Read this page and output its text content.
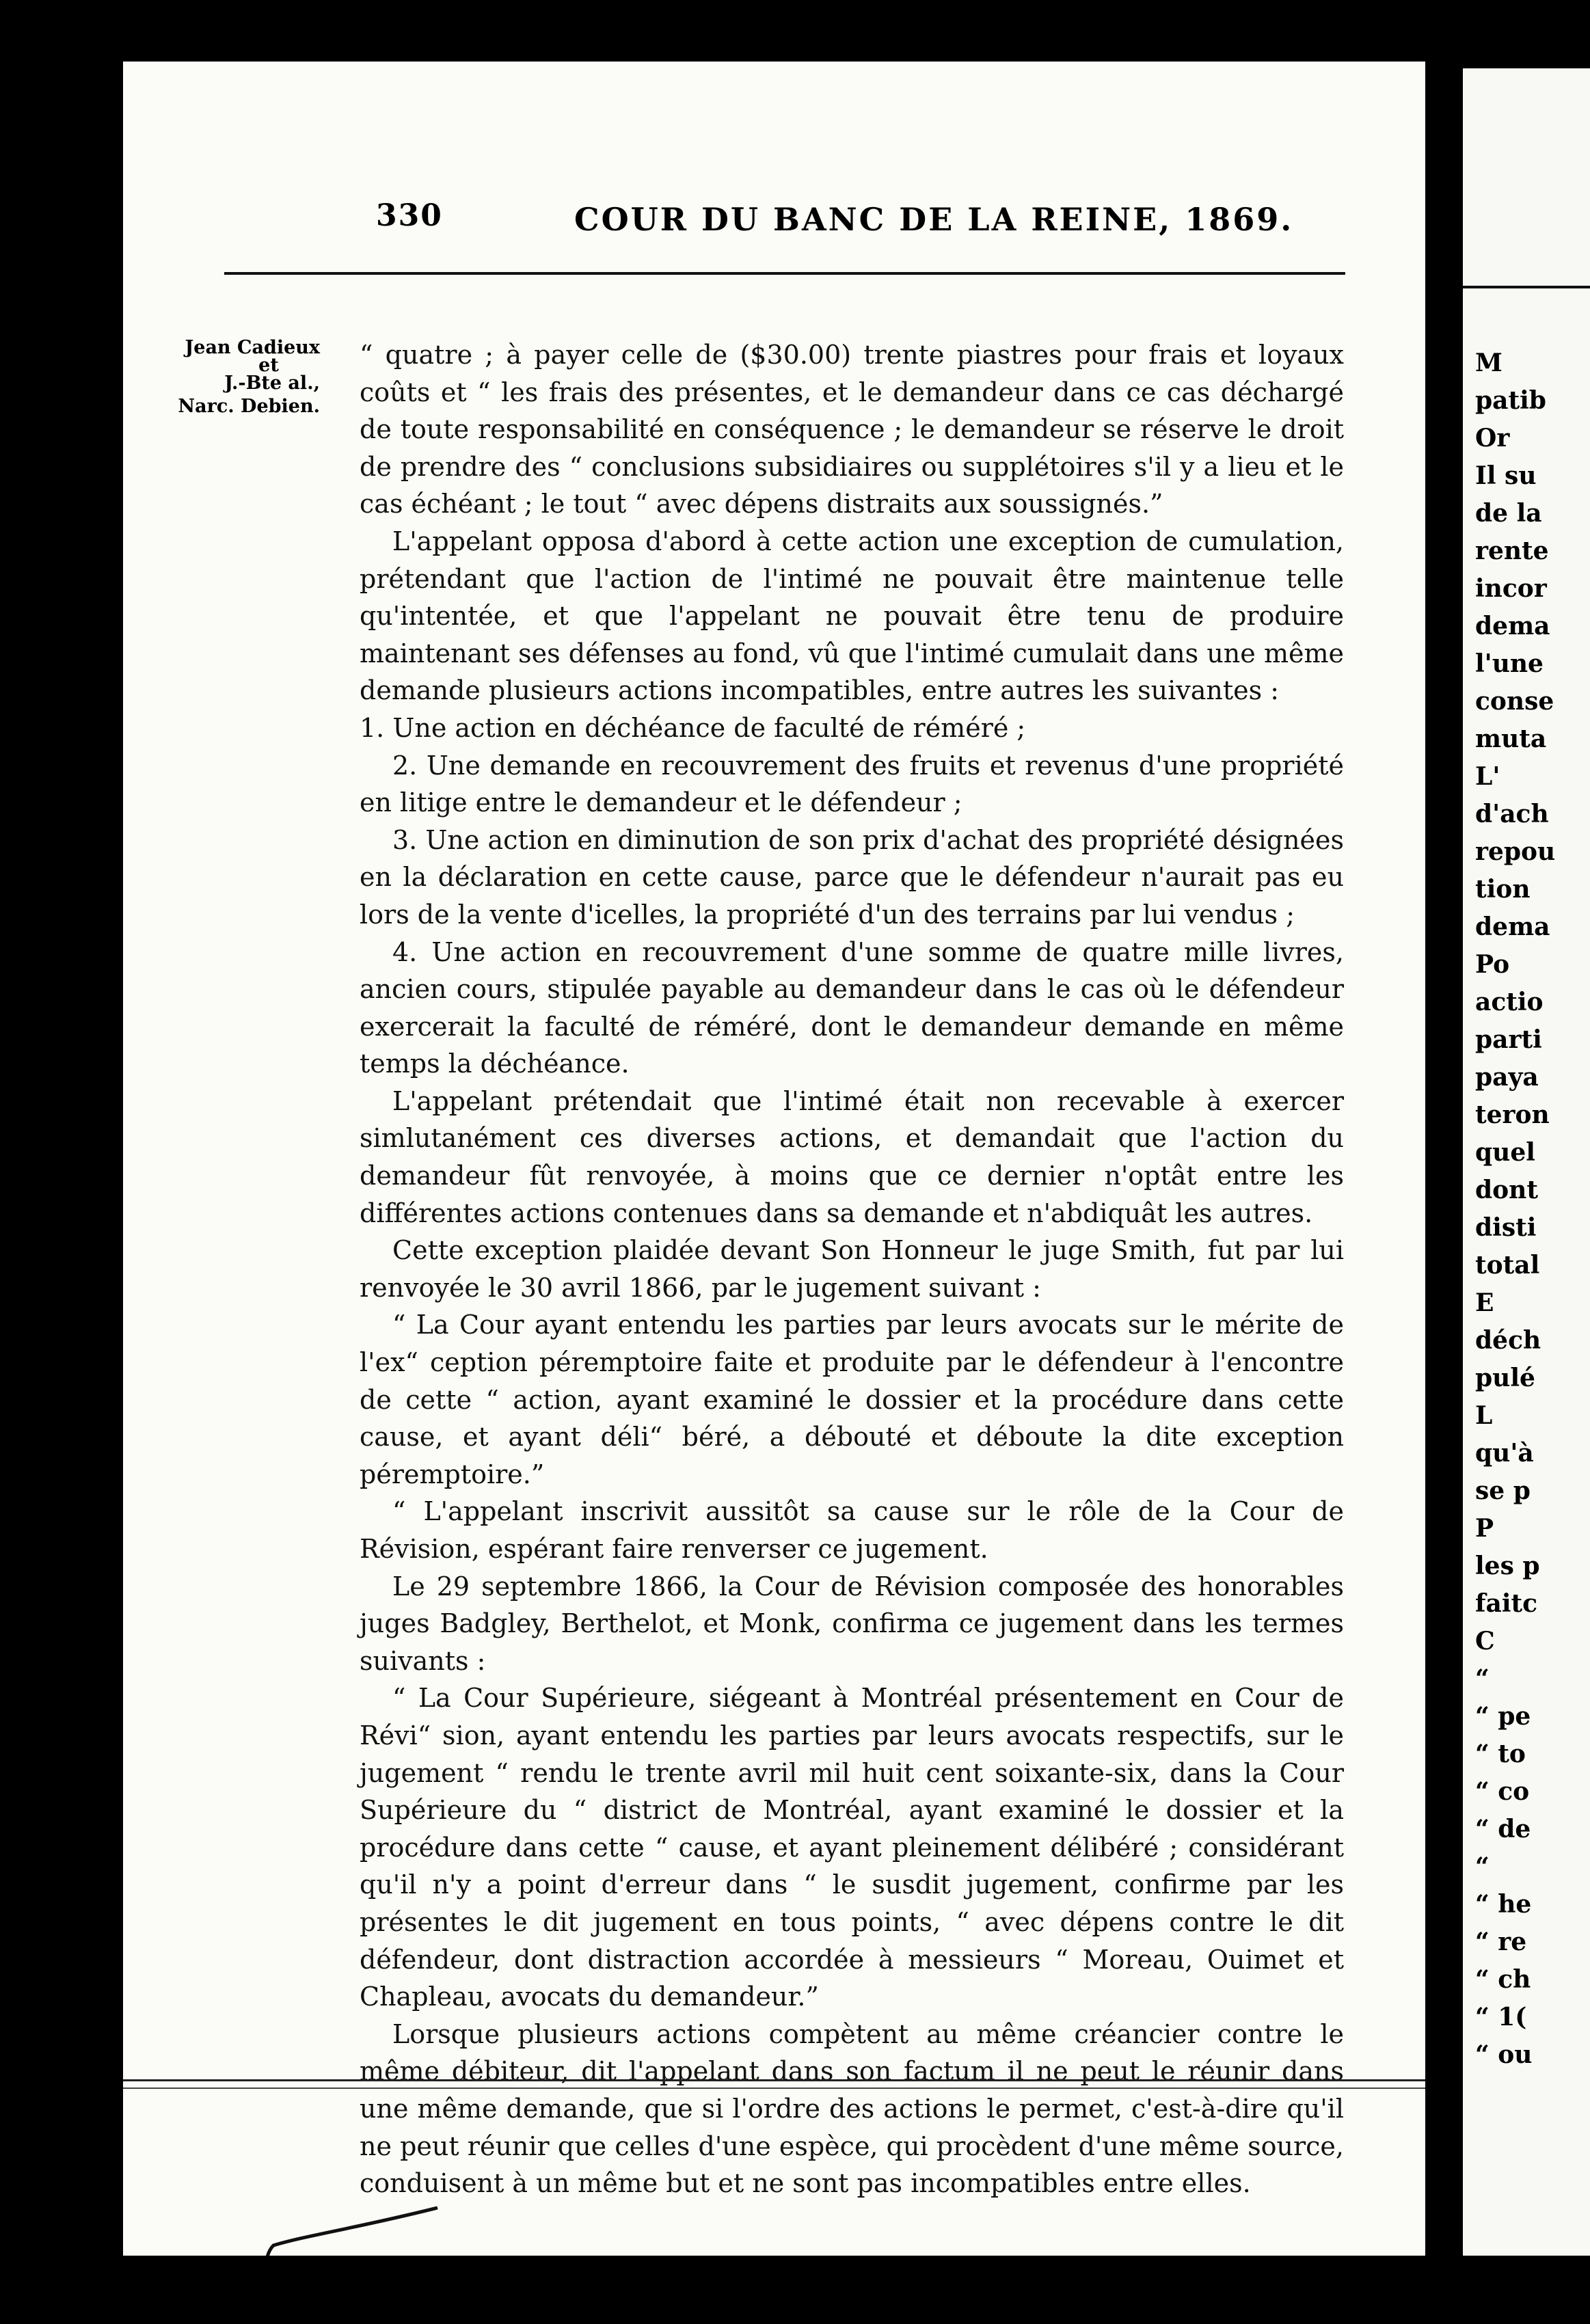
330	COUR DU BANC DE LA REINE, 1869.
Jean Cadieux
et
J.-Bte al.,
Narc. Debien.

“ quatre ; à payer celle de ($30.00) trente piastres pour frais et loyaux coûts et “ les frais des présentes, et le demandeur dans ce cas déchargé de toute responsabilité en conséquence ; le demandeur se réserve le droit de prendre des “ conclusions subsidiaires ou supplétoires s'il y a lieu et le cas échéant ; le tout “ avec dépens distraits aux soussignés.”

L'appelant opposa d'abord à cette action une exception de cumulation, prétendant que l'action de l'intimé ne pouvait être maintenue telle qu'intentée, et que l'appelant ne pouvait être tenu de produire maintenant ses défenses au fond, vû que l'intimé cumulait dans une même demande plusieurs actions incompatibles, entre autres les suivantes :

1. Une action en déchéance de faculté de réméré ;

2. Une demande en recouvrement des fruits et revenus d'une propriété en litige entre le demandeur et le défendeur ;

3. Une action en diminution de son prix d'achat des propriété désignées en la déclaration en cette cause, parce que le défendeur n'aurait pas eu lors de la vente d'icelles, la propriété d'un des terrains par lui vendus ;

4. Une action en recouvrement d'une somme de quatre mille livres, ancien cours, stipulée payable au demandeur dans le cas où le défendeur exercerait la faculté de réméré, dont le demandeur demande en même temps la déchéance.

L'appelant prétendait que l'intimé était non recevable à exercer simlutanément ces diverses actions, et demandait que l'action du demandeur fût renvoyée, à moins que ce dernier n'optât entre les différentes actions contenues dans sa demande et n'abdiquât les autres.

Cette exception plaidée devant Son Honneur le juge Smith, fut par lui renvoyée le 30 avril 1866, par le jugement suivant :

“ La Cour ayant entendu les parties par leurs avocats sur le mérite de l'ex“ ception péremptoire faite et produite par le défendeur à l'encontre de cette “ action, ayant examiné le dossier et la procédure dans cette cause, et ayant déli“ béré, a débouté et déboute la dite exception péremptoire.”

“ L'appelant inscrivit aussitôt sa cause sur le rôle de la Cour de Révision, espérant faire renverser ce jugement.

Le 29 septembre 1866, la Cour de Révision composée des honorables juges Badgley, Berthelot, et Monk, confirma ce jugement dans les termes suivants :

“ La Cour Supérieure, siégeant à Montréal présentement en Cour de Révi“ sion, ayant entendu les parties par leurs avocats respectifs, sur le jugement “ rendu le trente avril mil huit cent soixante-six, dans la Cour Supérieure du “ district de Montréal, ayant examiné le dossier et la procédure dans cette “ cause, et ayant pleinement délibéré ; considérant qu'il n'y a point d'erreur dans “ le susdit jugement, confirme par les présentes le dit jugement en tous points, “ avec dépens contre le dit défendeur, dont distraction accordée à messieurs “ Moreau, Ouimet et Chapleau, avocats du demandeur.”

Lorsque plusieurs actions compètent au même créancier contre le même débiteur, dit l'appelant dans son factum il ne peut le réunir dans une même demande, que si l'ordre des actions le permet, c'est-à-dire qu'il ne peut réunir que celles d'une espèce, qui procèdent d'une même source, conduisent à un même but et ne sont pas incompatibles entre elles.

M
patib
Or
Il su
de la
rente
incor
dema
l'une
conse
muta
L'
d'ach
repou
tion
dema
Po
actio
parti
paya
teron
quel
dont
disti
total
E
déch
pulé
L
qu'à
se p
P
les p
faitc
C
“
“ pe
“ to
“ co
“ de
“
“ he
“ re
“ ch
“ 1(
“ ou
